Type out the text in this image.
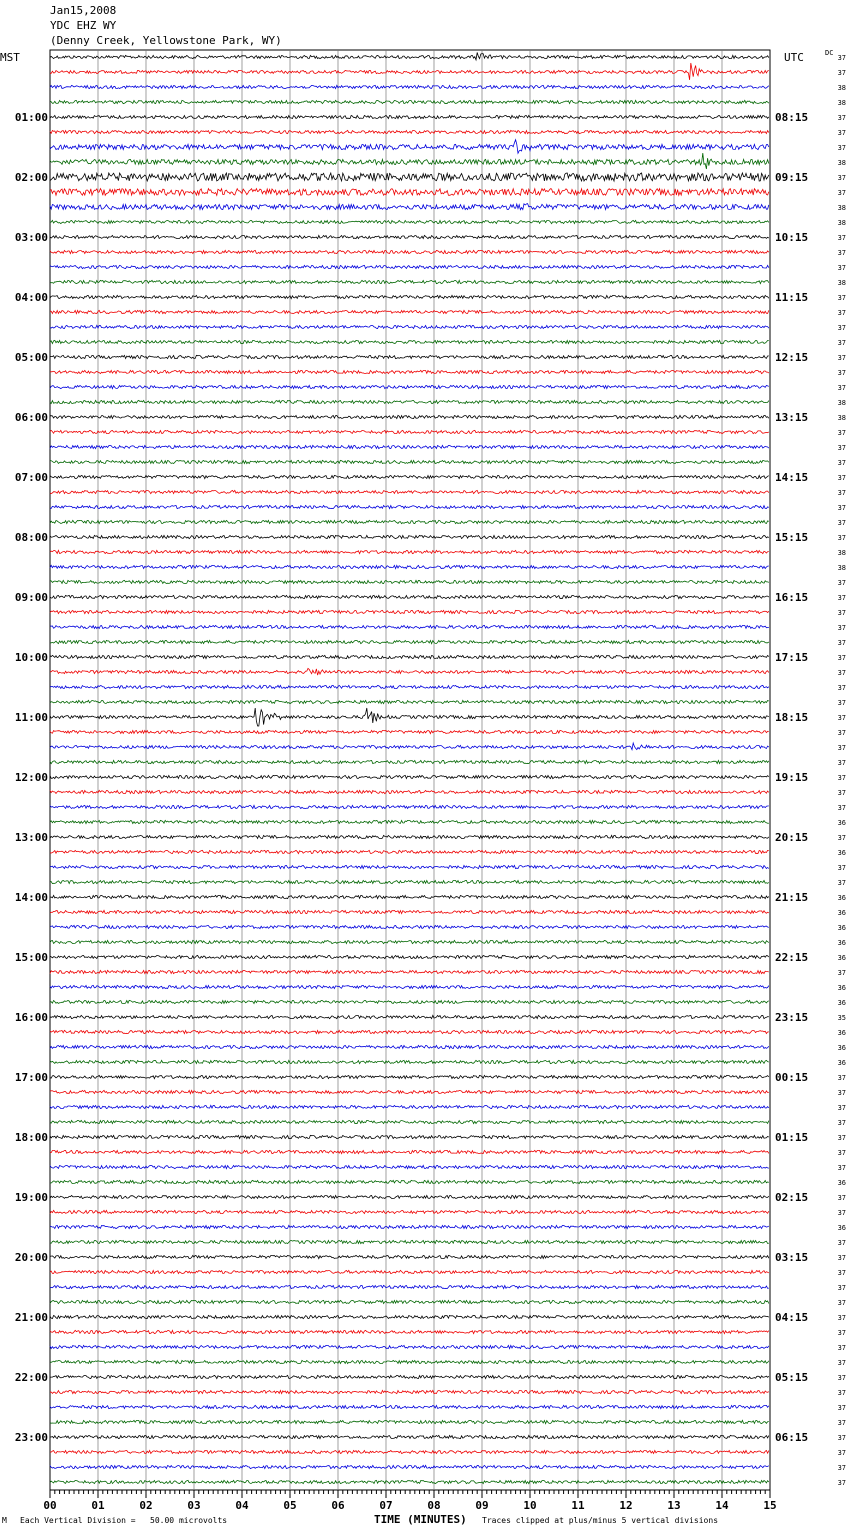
Jan15,2008
YDC EHZ WY
(Denny Creek, Yellowstone Park, WY)
MST	UTC	DC
00	01	02	03	04	05	06	07	08	09	10	11	12	13	14	15
37
37
38
38
37
37
37
38
37
37
38
38
37
37
37
38
37
37
37
37
37
37
37
38
38
37
37
37
37
37
37
37
37
38
38
37
37
37
37
37
37
37
37
37
37
37
37
37
37
37
37
36
37
36
37
37
36
36
36
36
36
37
36
36
35
36
36
36
37
37
37
37
37
37
37
36
37
37
36
37
37
37
37
37
37
37
37
37
37
37
37
37
37
37
37
37
01:00
02:00
03:00
04:00
05:00
06:00
07:00
08:00
09:00
10:00
11:00
12:00
13:00
14:00
15:00
16:00
17:00
18:00
19:00
20:00
21:00
22:00
23:00
08:15
09:15
10:15
11:15
12:15
13:15
14:15
15:15
16:15
17:15
18:15
19:15
20:15
21:15
22:15
23:15
00:15
01:15
02:15
03:15
04:15
05:15
06:15
M Each Vertical Division =   50.00 microvolts	TIME (MINUTES) Traces clipped at plus/minus 5 vertical divisions
